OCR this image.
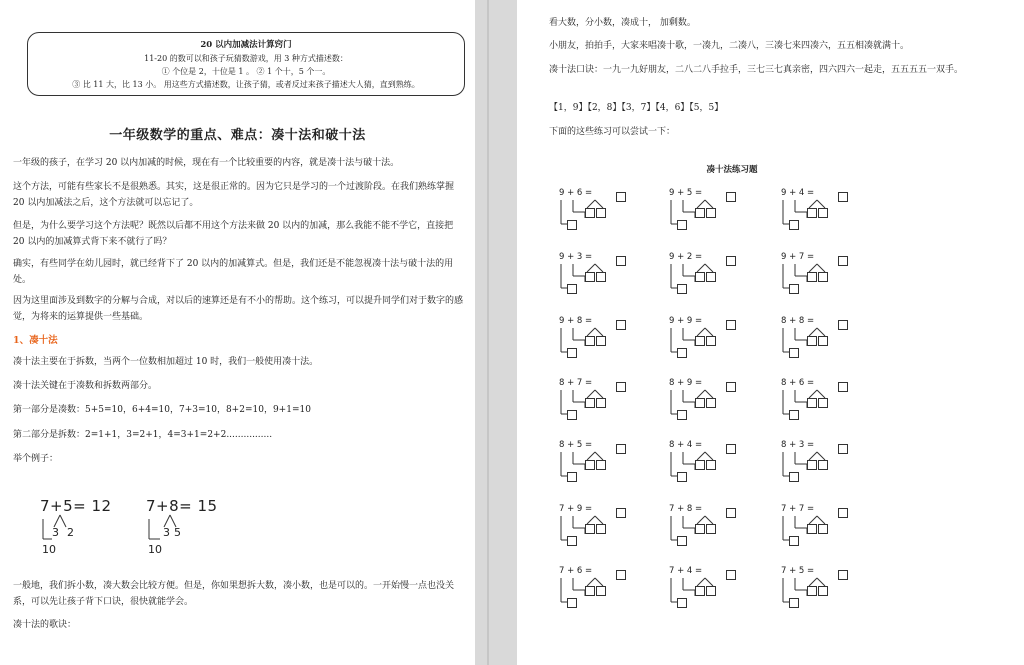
20 以内加减法计算窍门
11-20 的数可以和孩子玩猜数游戏，用 3 种方式描述数：
① 个位是 2，十位是 1 。 ② 1 个十，5 个一。
③ 比 11 大，比 13 小。 用这些方式描述数，让孩子猜，或者反过来孩子描述大人猜，直到熟练。
一年级数学的重点、难点：凑十法和破十法
一年级的孩子，在学习 20 以内加减的时候，现在有一个比较重要的内容，就是凑十法与破十法。
这个方法，可能有些家长不是很熟悉。其实，这是很正常的。因为它只是学习的一个过渡阶段。在我们熟练掌握 20 以内加减法之后，这个方法就可以忘记了。
但是，为什么要学习这个方法呢？既然以后都不用这个方法来做 20 以内的加减，那么我能不能不学它，直接把 20 以内的加减算式背下来不就行了吗？
确实，有些同学在幼儿园时，就已经背下了 20 以内的加减算式。但是，我们还是不能忽视凑十法与破十法的用处。
因为这里面涉及到数字的分解与合成，对以后的速算还是有不小的帮助。这个练习，可以提升同学们对于数字的感觉，为将来的运算提供一些基础。
1、凑十法
凑十法主要在于拆数，当两个一位数相加超过 10 时，我们一般使用凑十法。
凑十法关键在于凑数和拆数两部分。
第一部分是凑数：5+5=10，6+4=10，7+3=10，8+2=10，9+1=10
第二部分是拆数：2=1+1，3=2+1，4=3+1=2+2................
举个例子：
7+5= 12
3 2
10
7+8= 15
3 5
10
一般地，我们拆小数，凑大数会比较方便。但是，你如果想拆大数，凑小数，也是可以的。一开始慢一点也没关系，可以先让孩子背下口诀，很快就能学会。
凑十法的歌诀：
看大数，分小数，凑成十， 加剩数。
小朋友，拍拍手，大家来唱凑十歌，一凑九，二凑八，三凑七来四凑六，五五相凑就满十。
凑十法口诀：一九一九好朋友，二八二八手拉手，三七三七真亲密，四六四六一起走，五五五五一双手。
【1，9】【2，8】【3，7】【4，6】【5，5】
下面的这些练习可以尝试一下：
凑十法练习题
9 + 6 =	9 + 5 =	9 + 4 =
9 + 3 =	9 + 2 =	9 + 7 =
9 + 8 =	9 + 9 =	8 + 8 =
8 + 7 =	8 + 9 =	8 + 6 =
8 + 5 =	8 + 4 =	8 + 3 =
7 + 9 =	7 + 8 =	7 + 7 =
7 + 6 =	7 + 4 =	7 + 5 =
